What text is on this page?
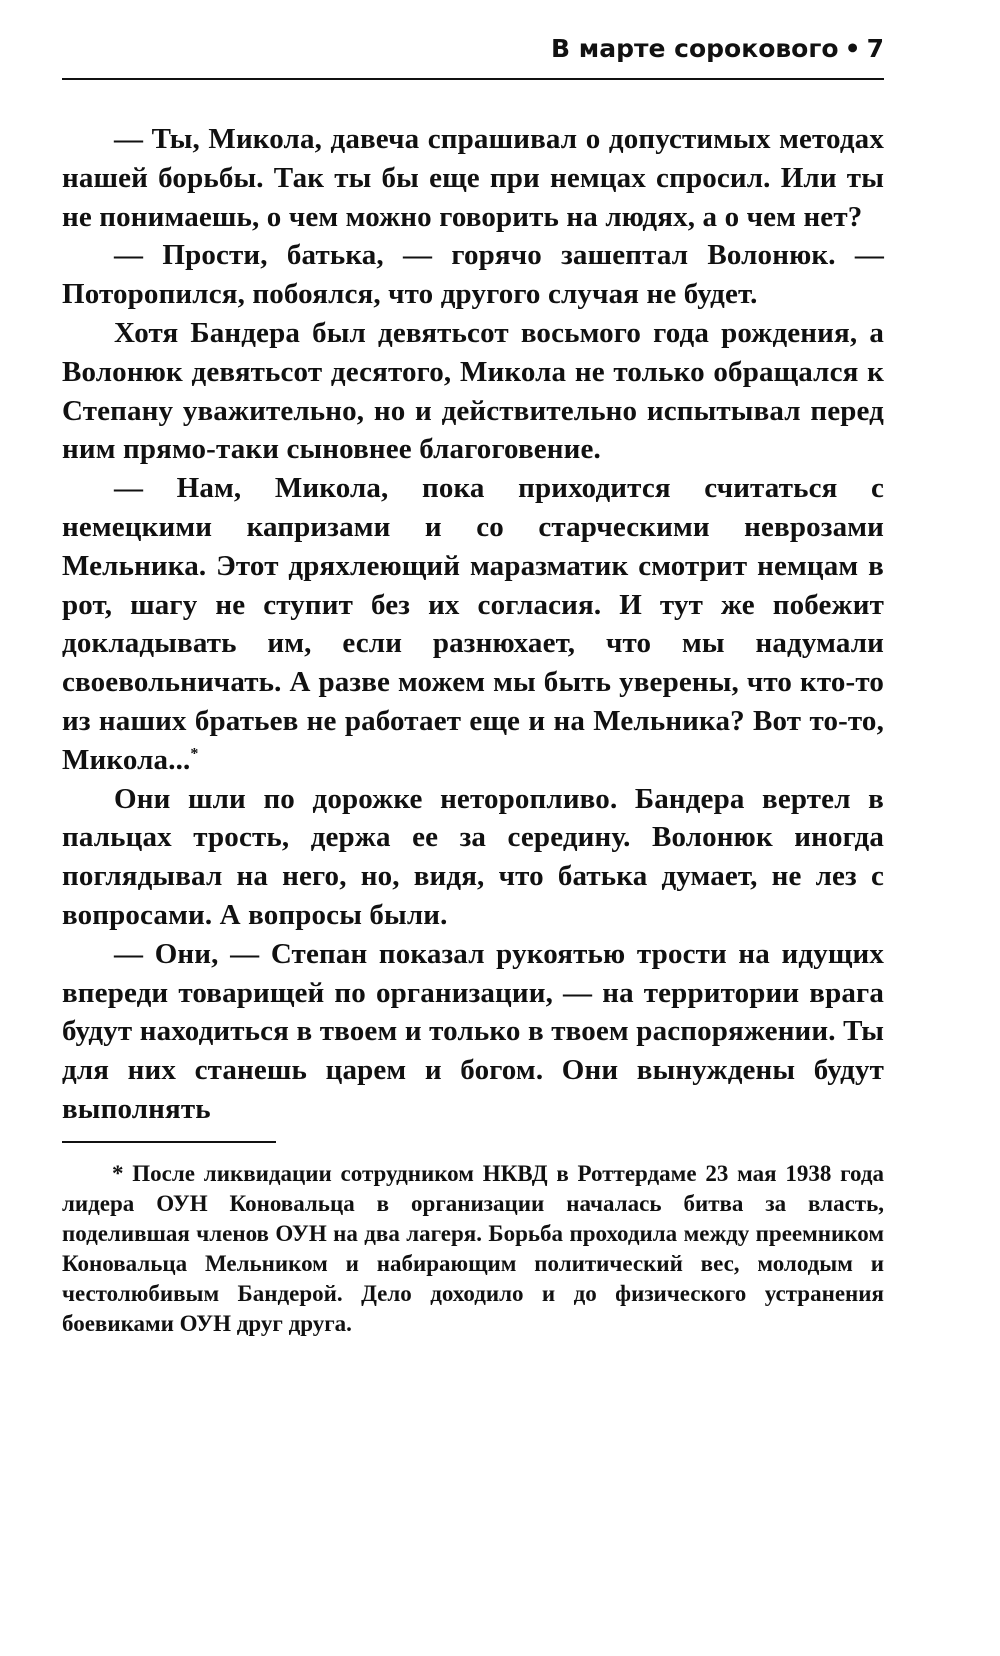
В марте сорокового • 7

— Ты, Микола, давеча спрашивал о допустимых методах нашей борьбы. Так ты бы еще при немцах спросил. Или ты не понимаешь, о чем можно говорить на людях, а о чем нет?

— Прости, батька, — горячо зашептал Волонюк. — Поторопился, побоялся, что другого случая не будет.

Хотя Бандера был девятьсот восьмого года рождения, а Волонюк девятьсот десятого, Микола не только обращался к Степану уважительно, но и действительно испытывал перед ним прямо-таки сыновнее благоговение.

— Нам, Микола, пока приходится считаться с немецкими капризами и со старческими неврозами Мельника. Этот дряхлеющий маразматик смотрит немцам в рот, шагу не ступит без их согласия. И тут же побежит докладывать им, если разнюхает, что мы надумали своевольничать. А разве можем мы быть уверены, что кто-то из наших братьев не работает еще и на Мельника? Вот то-то, Микола...*

Они шли по дорожке неторопливо. Бандера вертел в пальцах трость, держа ее за середину. Волонюк иногда поглядывал на него, но, видя, что батька думает, не лез с вопросами. А вопросы были.

— Они, — Степан показал рукоятью трости на идущих впереди товарищей по организации, — на территории врага будут находиться в твоем и только в твоем распоряжении. Ты для них станешь царем и богом. Они вынуждены будут выполнять

* После ликвидации сотрудником НКВД в Роттердаме 23 мая 1938 года лидера ОУН Коновальца в организации началась битва за власть, поделившая членов ОУН на два лагеря. Борьба проходила между преемником Коновальца Мельником и набирающим политический вес, молодым и честолюбивым Бандерой. Дело доходило и до физического устранения боевиками ОУН друг друга.
